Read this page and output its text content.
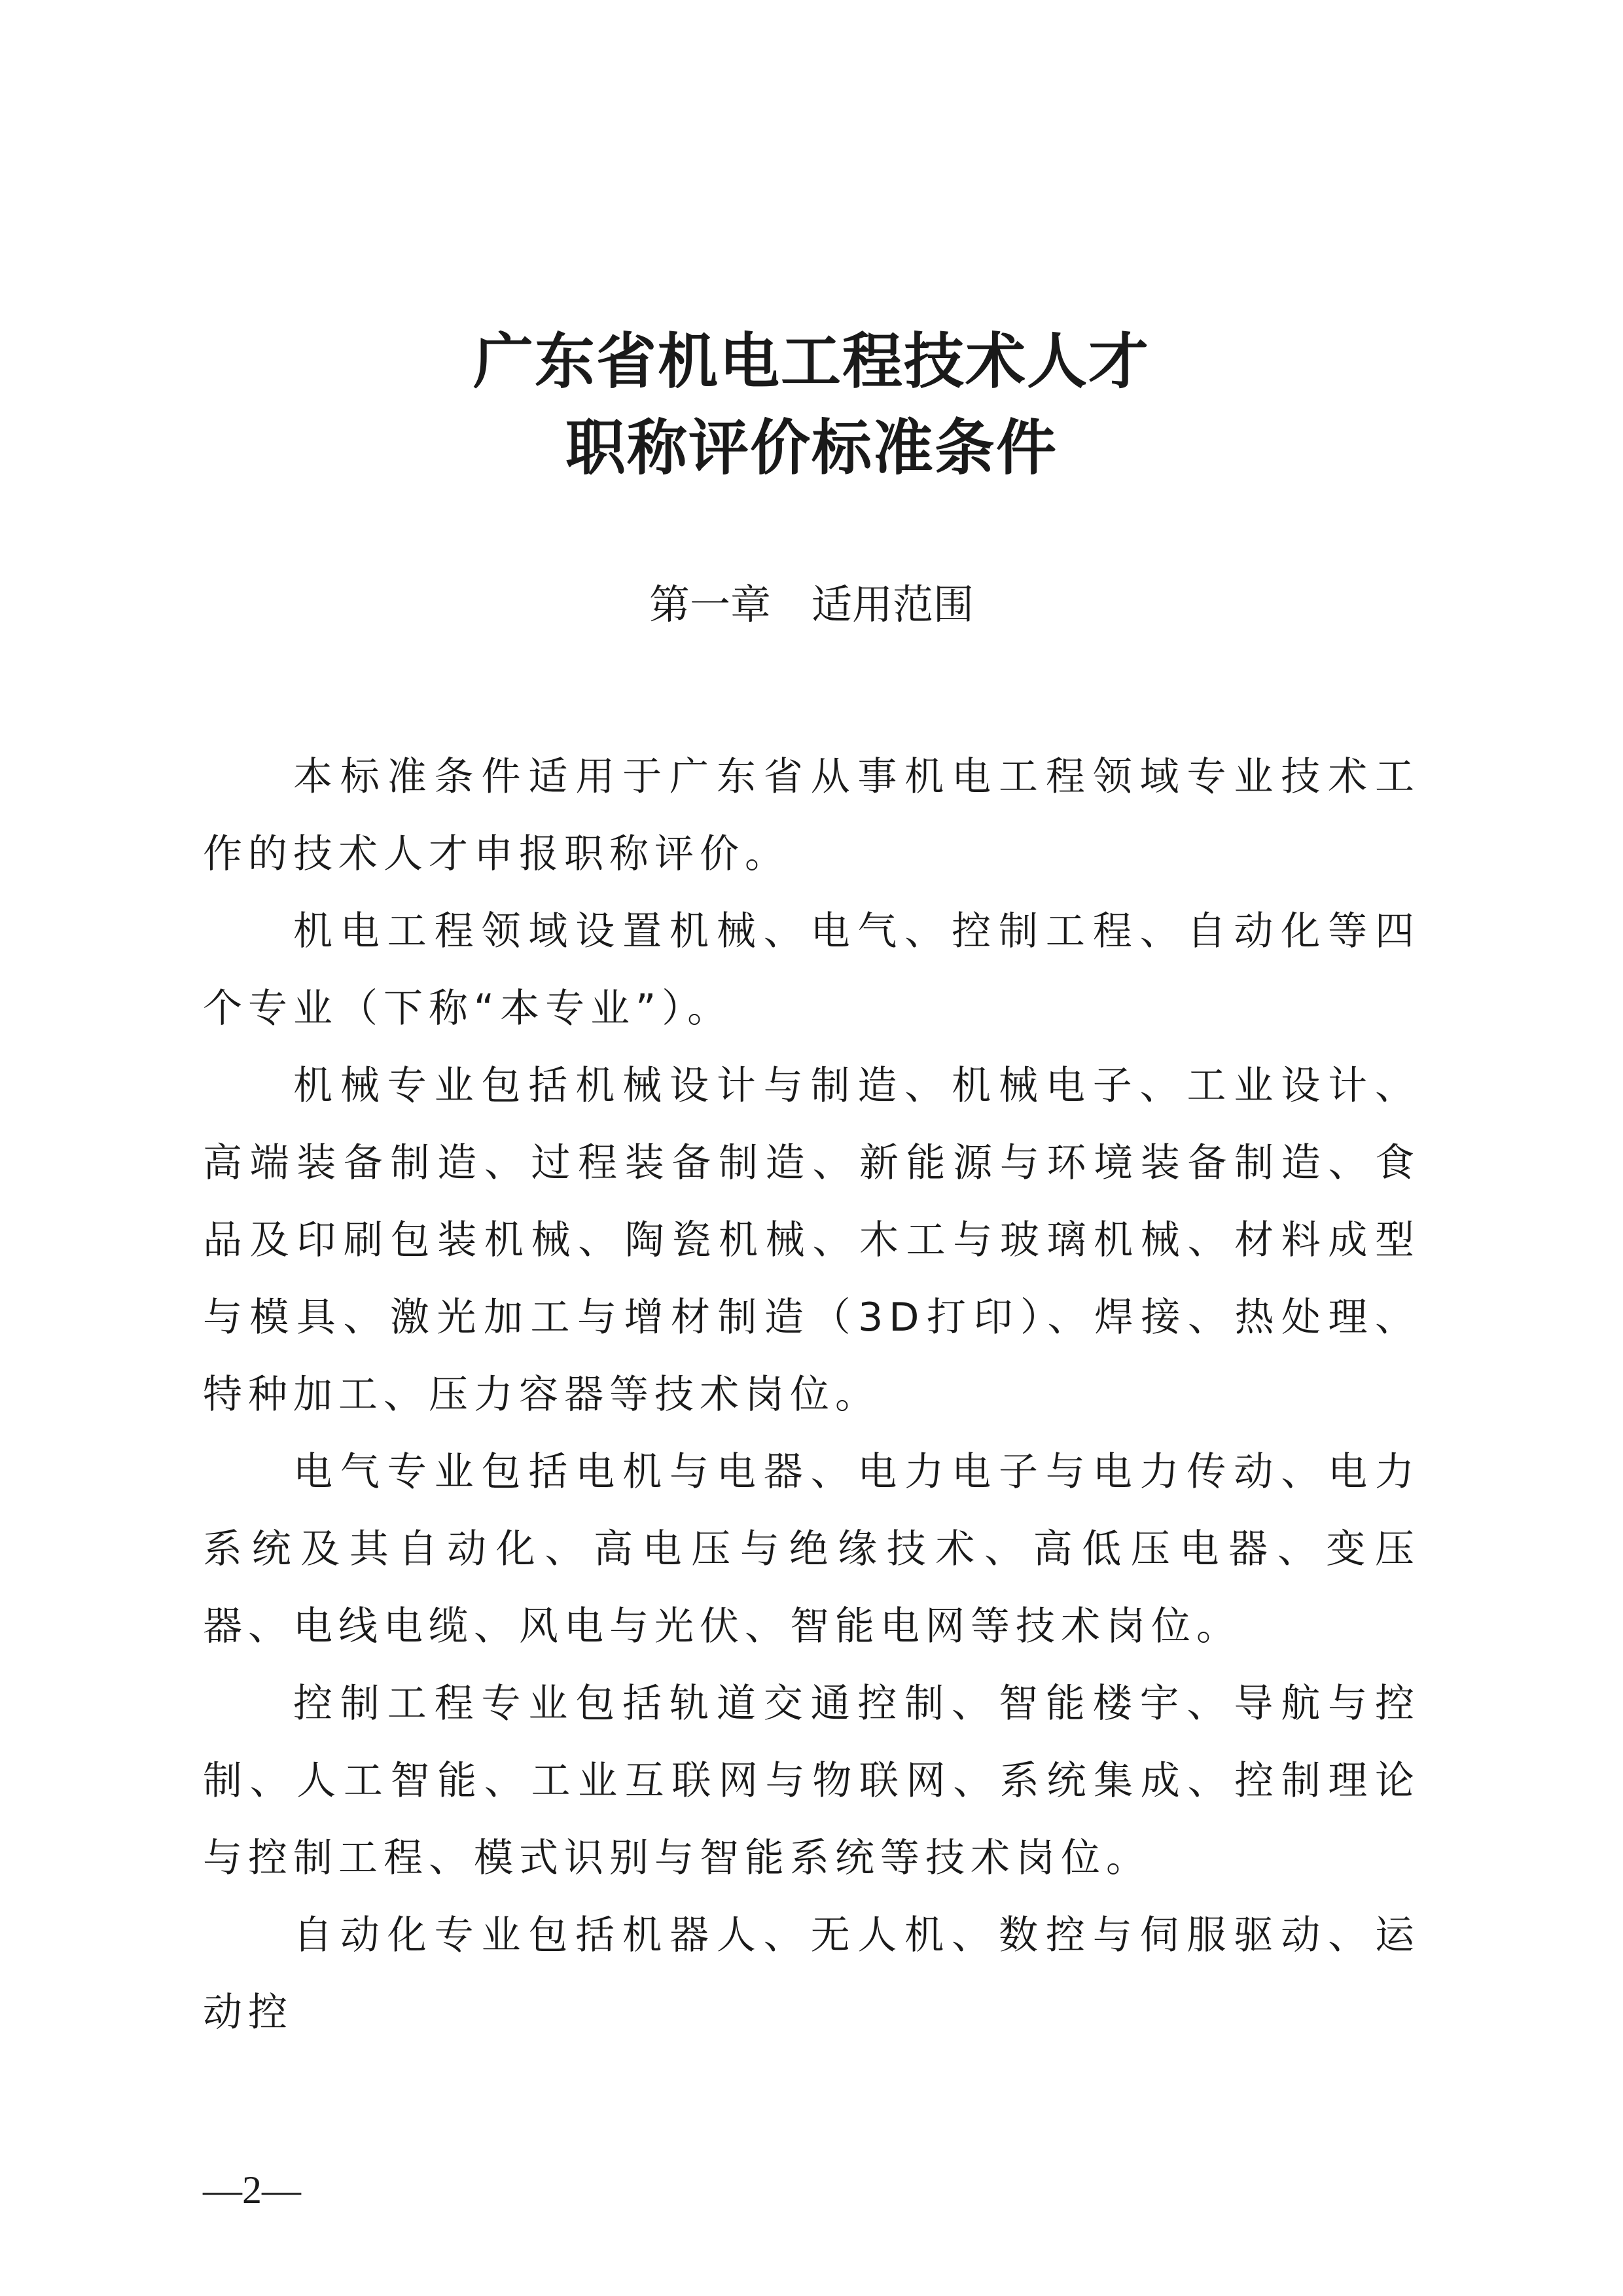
广东省机电工程技术人才
职称评价标准条件
第一章 适用范围

本标准条件适用于广东省从事机电工程领域专业技术工作的技术人才申报职称评价。

机电工程领域设置机械、电气、控制工程、自动化等四个专业（下称“本专业”）。

机械专业包括机械设计与制造、机械电子、工业设计、高端装备制造、过程装备制造、新能源与环境装备制造、食品及印刷包装机械、陶瓷机械、木工与玻璃机械、材料成型与模具、激光加工与增材制造（3D打印）、焊接、热处理、特种加工、压力容器等技术岗位。

电气专业包括电机与电器、电力电子与电力传动、电力系统及其自动化、高电压与绝缘技术、高低压电器、变压器、电线电缆、风电与光伏、智能电网等技术岗位。

控制工程专业包括轨道交通控制、智能楼宇、导航与控制、人工智能、工业互联网与物联网、系统集成、控制理论与控制工程、模式识别与智能系统等技术岗位。

自动化专业包括机器人、无人机、数控与伺服驱动、运动控

—2—
